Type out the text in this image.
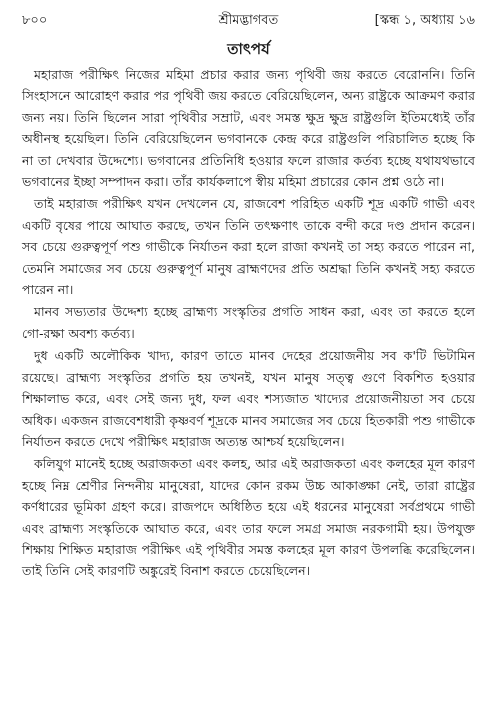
৮০০	শ্রীমদ্ভাগবত	[স্কন্ধ ১, অধ্যায় ১৬
তাৎপর্য

মহারাজ পরীক্ষিৎ নিজের মহিমা প্রচার করার জন্য পৃথিবী জয় করতে বেরোননি। তিনি সিংহাসনে আরোহণ করার পর পৃথিবী জয় করতে বেরিয়েছিলেন, অন্য রাষ্ট্রকে আক্রমণ করার জন্য নয়। তিনি ছিলেন সারা পৃথিবীর সম্রাট, এবং সমস্ত ক্ষুদ্র ক্ষুদ্র রাষ্ট্রগুলি ইতিমধ্যেই তাঁর অধীনস্থ হয়েছিল। তিনি বেরিয়েছিলেন ভগবানকে কেন্দ্র করে রাষ্ট্রগুলি পরিচালিত হচ্ছে কি না তা দেখবার উদ্দেশ্যে। ভগবানের প্রতিনিধি হওয়ার ফলে রাজার কর্তব্য হচ্ছে যথাযথভাবে ভগবানের ইচ্ছা সম্পাদন করা। তাঁর কার্যকলাপে স্বীয় মহিমা প্রচারের কোন প্রশ্ন ওঠে না।

তাই মহারাজ পরীক্ষিৎ যখন দেখলেন যে, রাজবেশ পরিহিত একটি শূদ্র একটি গাভী এবং একটি বৃষের পায়ে আঘাত করছে, তখন তিনি তৎক্ষণাৎ তাকে বন্দী করে দণ্ড প্রদান করেন। সব চেয়ে গুরুত্বপূর্ণ পশু গাভীকে নির্যাতন করা হলে রাজা কখনই তা সহ্য করতে পারেন না, তেমনি সমাজের সব চেয়ে গুরুত্বপূর্ণ মানুষ ব্রাহ্মণদের প্রতি অশ্রদ্ধা তিনি কখনই সহ্য করতে পারেন না।

মানব সভ্যতার উদ্দেশ্য হচ্ছে ব্রাহ্মণ্য সংস্কৃতির প্রগতি সাধন করা, এবং তা করতে হলে গো-রক্ষা অবশ্য কর্তব্য।

দুধ একটি অলৌকিক খাদ্য, কারণ তাতে মানব দেহের প্রয়োজনীয় সব ক'টি ভিটামিন রয়েছে। ব্রাহ্মণ্য সংস্কৃতির প্রগতি হয় তখনই, যখন মানুষ সত্ত্ব গুণে বিকশিত হওয়ার শিক্ষালাভ করে, এবং সেই জন্য দুধ, ফল এবং শস্যজাত খাদ্যের প্রয়োজনীয়তা সব চেয়ে অধিক। একজন রাজবেশধারী কৃষ্ণবর্ণ শূদ্রকে মানব সমাজের সব চেয়ে হিতকারী পশু গাভীকে নির্যাতন করতে দেখে পরীক্ষিৎ মহারাজ অত্যন্ত আশ্চর্য হয়েছিলেন।

কলিযুগ মানেই হচ্ছে অরাজকতা এবং কলহ, আর এই অরাজকতা এবং কলহের মূল কারণ হচ্ছে নিম্ন শ্রেণীর নিন্দনীয় মানুষেরা, যাদের কোন রকম উচ্চ আকাঙ্ক্ষা নেই, তারা রাষ্ট্রের কর্ণধারের ভূমিকা গ্রহণ করে। রাজপদে অধিষ্ঠিত হয়ে এই ধরনের মানুষেরা সর্বপ্রথমে গাভী এবং ব্রাহ্মণ্য সংস্কৃতিকে আঘাত করে, এবং তার ফলে সমগ্র সমাজ নরকগামী হয়। উপযুক্ত শিক্ষায় শিক্ষিত মহারাজ পরীক্ষিৎ এই পৃথিবীর সমস্ত কলহের মূল কারণ উপলব্ধি করেছিলেন। তাই তিনি সেই কারণটি অঙ্কুরেই বিনাশ করতে চেয়েছিলেন।
